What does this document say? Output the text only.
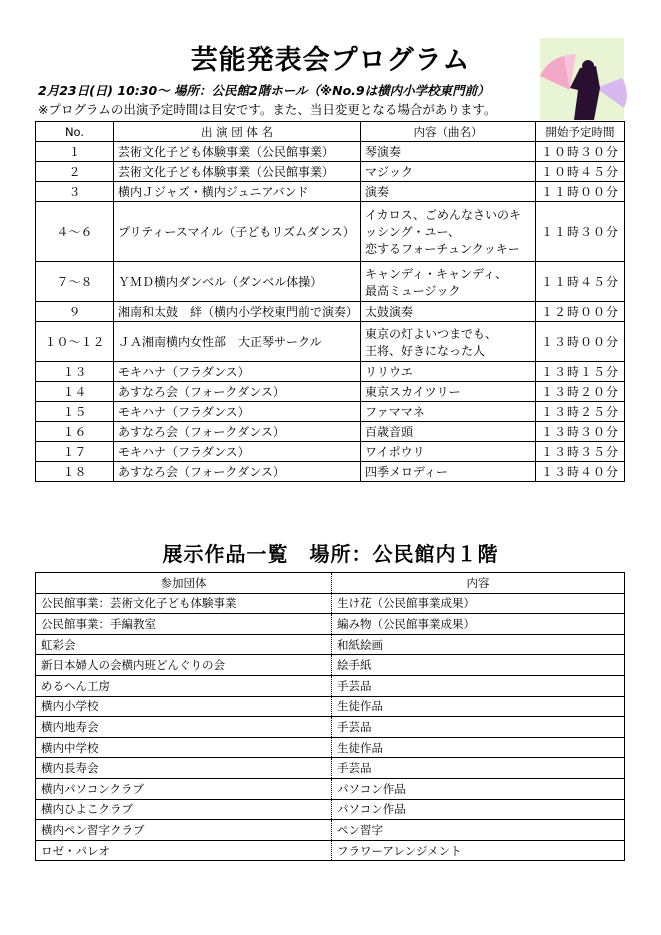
芸能発表会プログラム
2月23日(日) 10:30～ 場所：公民館2階ホール（※No.9は横内小学校東門前）
※プログラムの出演予定時間は目安です。また、当日変更となる場合があります。
No.	出 演 団 体 名	内容（曲名）	開始予定時間
１	芸術文化子ども体験事業（公民館事業）	琴演奏	１０時３０分
２	芸術文化子ども体験事業（公民館事業）	マジック	１０時４５分
３	横内Ｊジャズ・横内ジュニアバンド	演奏	１１時００分
４～６	プリティースマイル（子どもリズムダンス）	イカロス、ごめんなさいのキ
ッシング・ユー、
恋するフォーチュンクッキー	１１時３０分
７～８	ＹＭＤ横内ダンベル（ダンベル体操）	キャンディ・キャンディ、
最高ミュージック	１１時４５分
９	湘南和太鼓　絆（横内小学校東門前で演奏）	太鼓演奏	１２時００分
１０～１２	ＪＡ湘南横内女性部　大正琴サークル	東京の灯よいつまでも、
王将、好きになった人	１３時００分
１３	モキハナ（フラダンス）	リリウエ	１３時１５分
１４	あすなろ会（フォークダンス）	東京スカイツリー	１３時２０分
１５	モキハナ（フラダンス）	ファママネ	１３時２５分
１６	あすなろ会（フォークダンス）	百歳音頭	１３時３０分
１７	モキハナ（フラダンス）	ワイポウリ	１３時３５分
１８	あすなろ会（フォークダンス）	四季メロディー	１３時４０分
展示作品一覧　場所：公民館内１階
参加団体	内容
公民館事業：芸術文化子ども体験事業	生け花（公民館事業成果）
公民館事業：手編教室	編み物（公民館事業成果）
虹彩会	和紙絵画
新日本婦人の会横内班どんぐりの会	絵手紙
めるへん工房	手芸品
横内小学校	生徒作品
横内地寿会	手芸品
横内中学校	生徒作品
横内長寿会	手芸品
横内パソコンクラブ	パソコン作品
横内ひよこクラブ	パソコン作品
横内ペン習字クラブ	ペン習字
ロゼ・パレオ	フラワーアレンジメント
